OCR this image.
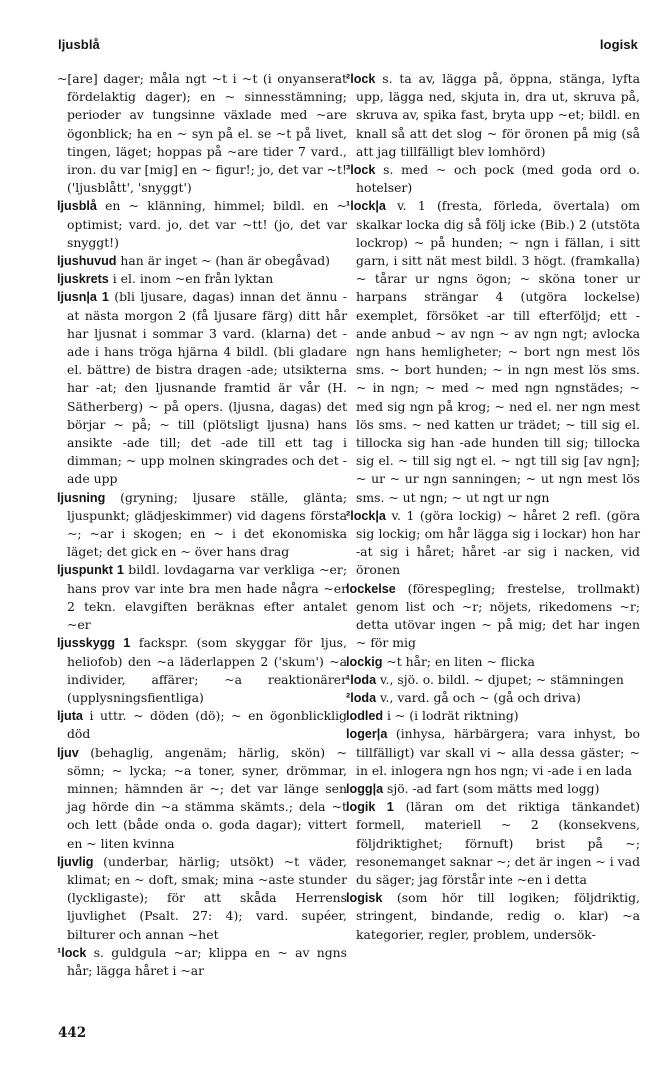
ljusblå	logisk

~[are] dager; måla ngt ~t i ~t (i onyanserat fördelaktig dager); en ~ sinnesstämning; perioder av tungsinne växlade med ~are ögonblick; ha en ~ syn på el. se ~t på livet, tingen, läget; hoppas på ~are tider 7 vard., iron. du var [mig] en ~ figur!; jo, det var ~t! ('ljusblått', 'snyggt')

ljusblå en ~ klänning, himmel; bildl. en ~ optimist; vard. jo, det var ~tt! (jo, det var snyggt!)

ljushuvud han är inget ~ (han är obegåvad)

ljuskrets i el. inom ~en från lyktan

ljusn|a 1 (bli ljusare, dagas) innan det ännu -at nästa morgon 2 (få ljusare färg) ditt hår har ljusnat i sommar 3 vard. (klarna) det -ade i hans tröga hjärna 4 bildl. (bli gladare el. bättre) de bistra dragen -ade; utsikterna har -at; den ljusnande framtid är vår (H. Sätherberg) ~ på opers. (ljusna, dagas) det börjar ~ på; ~ till (plötsligt ljusna) hans ansikte -ade till; det -ade till ett tag i dimman; ~ upp molnen skingrades och det -ade upp

ljusning (gryning; ljusare ställe, glänta; ljuspunkt; glädjeskimmer) vid dagens första ~; ~ar i skogen; en ~ i det ekonomiska läget; det gick en ~ över hans drag

ljuspunkt 1 bildl. lovdagarna var verkliga ~er; hans prov var inte bra men hade några ~er 2 tekn. elavgiften beräknas efter antalet ~er

ljusskygg 1 fackspr. (som skyggar för ljus, heliofob) den ~a läderlappen 2 ('skum') ~a individer, affärer; ~a reaktionärer (upplysningsfientliga)

ljuta i uttr. ~ döden (dö); ~ en ögonblicklig död

ljuv (behaglig, angenäm; härlig, skön) ~ sömn; ~ lycka; ~a toner, syner, drömmar, minnen; hämnden är ~; det var länge sen jag hörde din ~a stämma skämts.; dela ~t och lett (både onda o. goda dagar); vittert en ~ liten kvinna

ljuvlig (underbar, härlig; utsökt) ~t väder, klimat; en ~ doft, smak; mina ~aste stunder (lyckligaste); för att skåda Herrens ljuvlighet (Psalt. 27: 4); vard. supéer, bilturer och annan ~het

¹lock s. guldgula ~ar; klippa en ~ av ngns hår; lägga håret i ~ar

²lock s. ta av, lägga på, öppna, stänga, lyfta upp, lägga ned, skjuta in, dra ut, skruva på, skruva av, spika fast, bryta upp ~et; bildl. en knall så att det slog ~ för öronen på mig (så att jag tillfälligt blev lomhörd)

³lock s. med ~ och pock (med goda ord o. hotelser)

¹lock|a v. 1 (fresta, förleda, övertala) om skalkar locka dig så följ icke (Bib.) 2 (utstöta lockrop) ~ på hunden; ~ ngn i fällan, i sitt garn, i sitt nät mest bildl. 3 högt. (framkalla) ~ tårar ur ngns ögon; ~ sköna toner ur harpans strängar 4 (utgöra lockelse) exemplet, försöket -ar till efterföljd; ett -ande anbud ~ av ngn ~ av ngn ngt; avlocka ngn hans hemligheter; ~ bort ngn mest lös sms. ~ bort hunden; ~ in ngn mest lös sms. ~ in ngn; ~ med ~ med ngn ngnstädes; ~ med sig ngn på krog; ~ ned el. ner ngn mest lös sms. ~ ned katten ur trädet; ~ till sig el. tillocka sig han -ade hunden till sig; tillocka sig el. ~ till sig ngt el. ~ ngt till sig [av ngn]; ~ ur ~ ur ngn sanningen; ~ ut ngn mest lös sms. ~ ut ngn; ~ ut ngt ur ngn

²lock|a v. 1 (göra lockig) ~ håret 2 refl. (göra sig lockig; om hår lägga sig i lockar) hon har -at sig i håret; håret -ar sig i nacken, vid öronen

lockelse (förespegling; frestelse, trollmakt) genom list och ~r; nöjets, rikedomens ~r; detta utövar ingen ~ på mig; det har ingen ~ för mig

lockig ~t hår; en liten ~ flicka

¹loda v., sjö. o. bildl. ~ djupet; ~ stämningen

²loda v., vard. gå och ~ (gå och driva)

lodled i ~ (i lodrät riktning)

loger|a (inhysa, härbärgera; vara inhyst, bo tillfälligt) var skall vi ~ alla dessa gäster; ~ in el. inlogera ngn hos ngn; vi -ade i en lada

logg|a sjö. -ad fart (som mätts med logg)

logik 1 (läran om det riktiga tänkandet) formell, materiell ~ 2 (konsekvens, följdriktighet; förnuft) brist på ~; resonemanget saknar ~; det är ingen ~ i vad du säger; jag förstår inte ~en i detta

logisk (som hör till logiken; följdriktig, stringent, bindande, redig o. klar) ~a kategorier, regler, problem, undersök-

442
